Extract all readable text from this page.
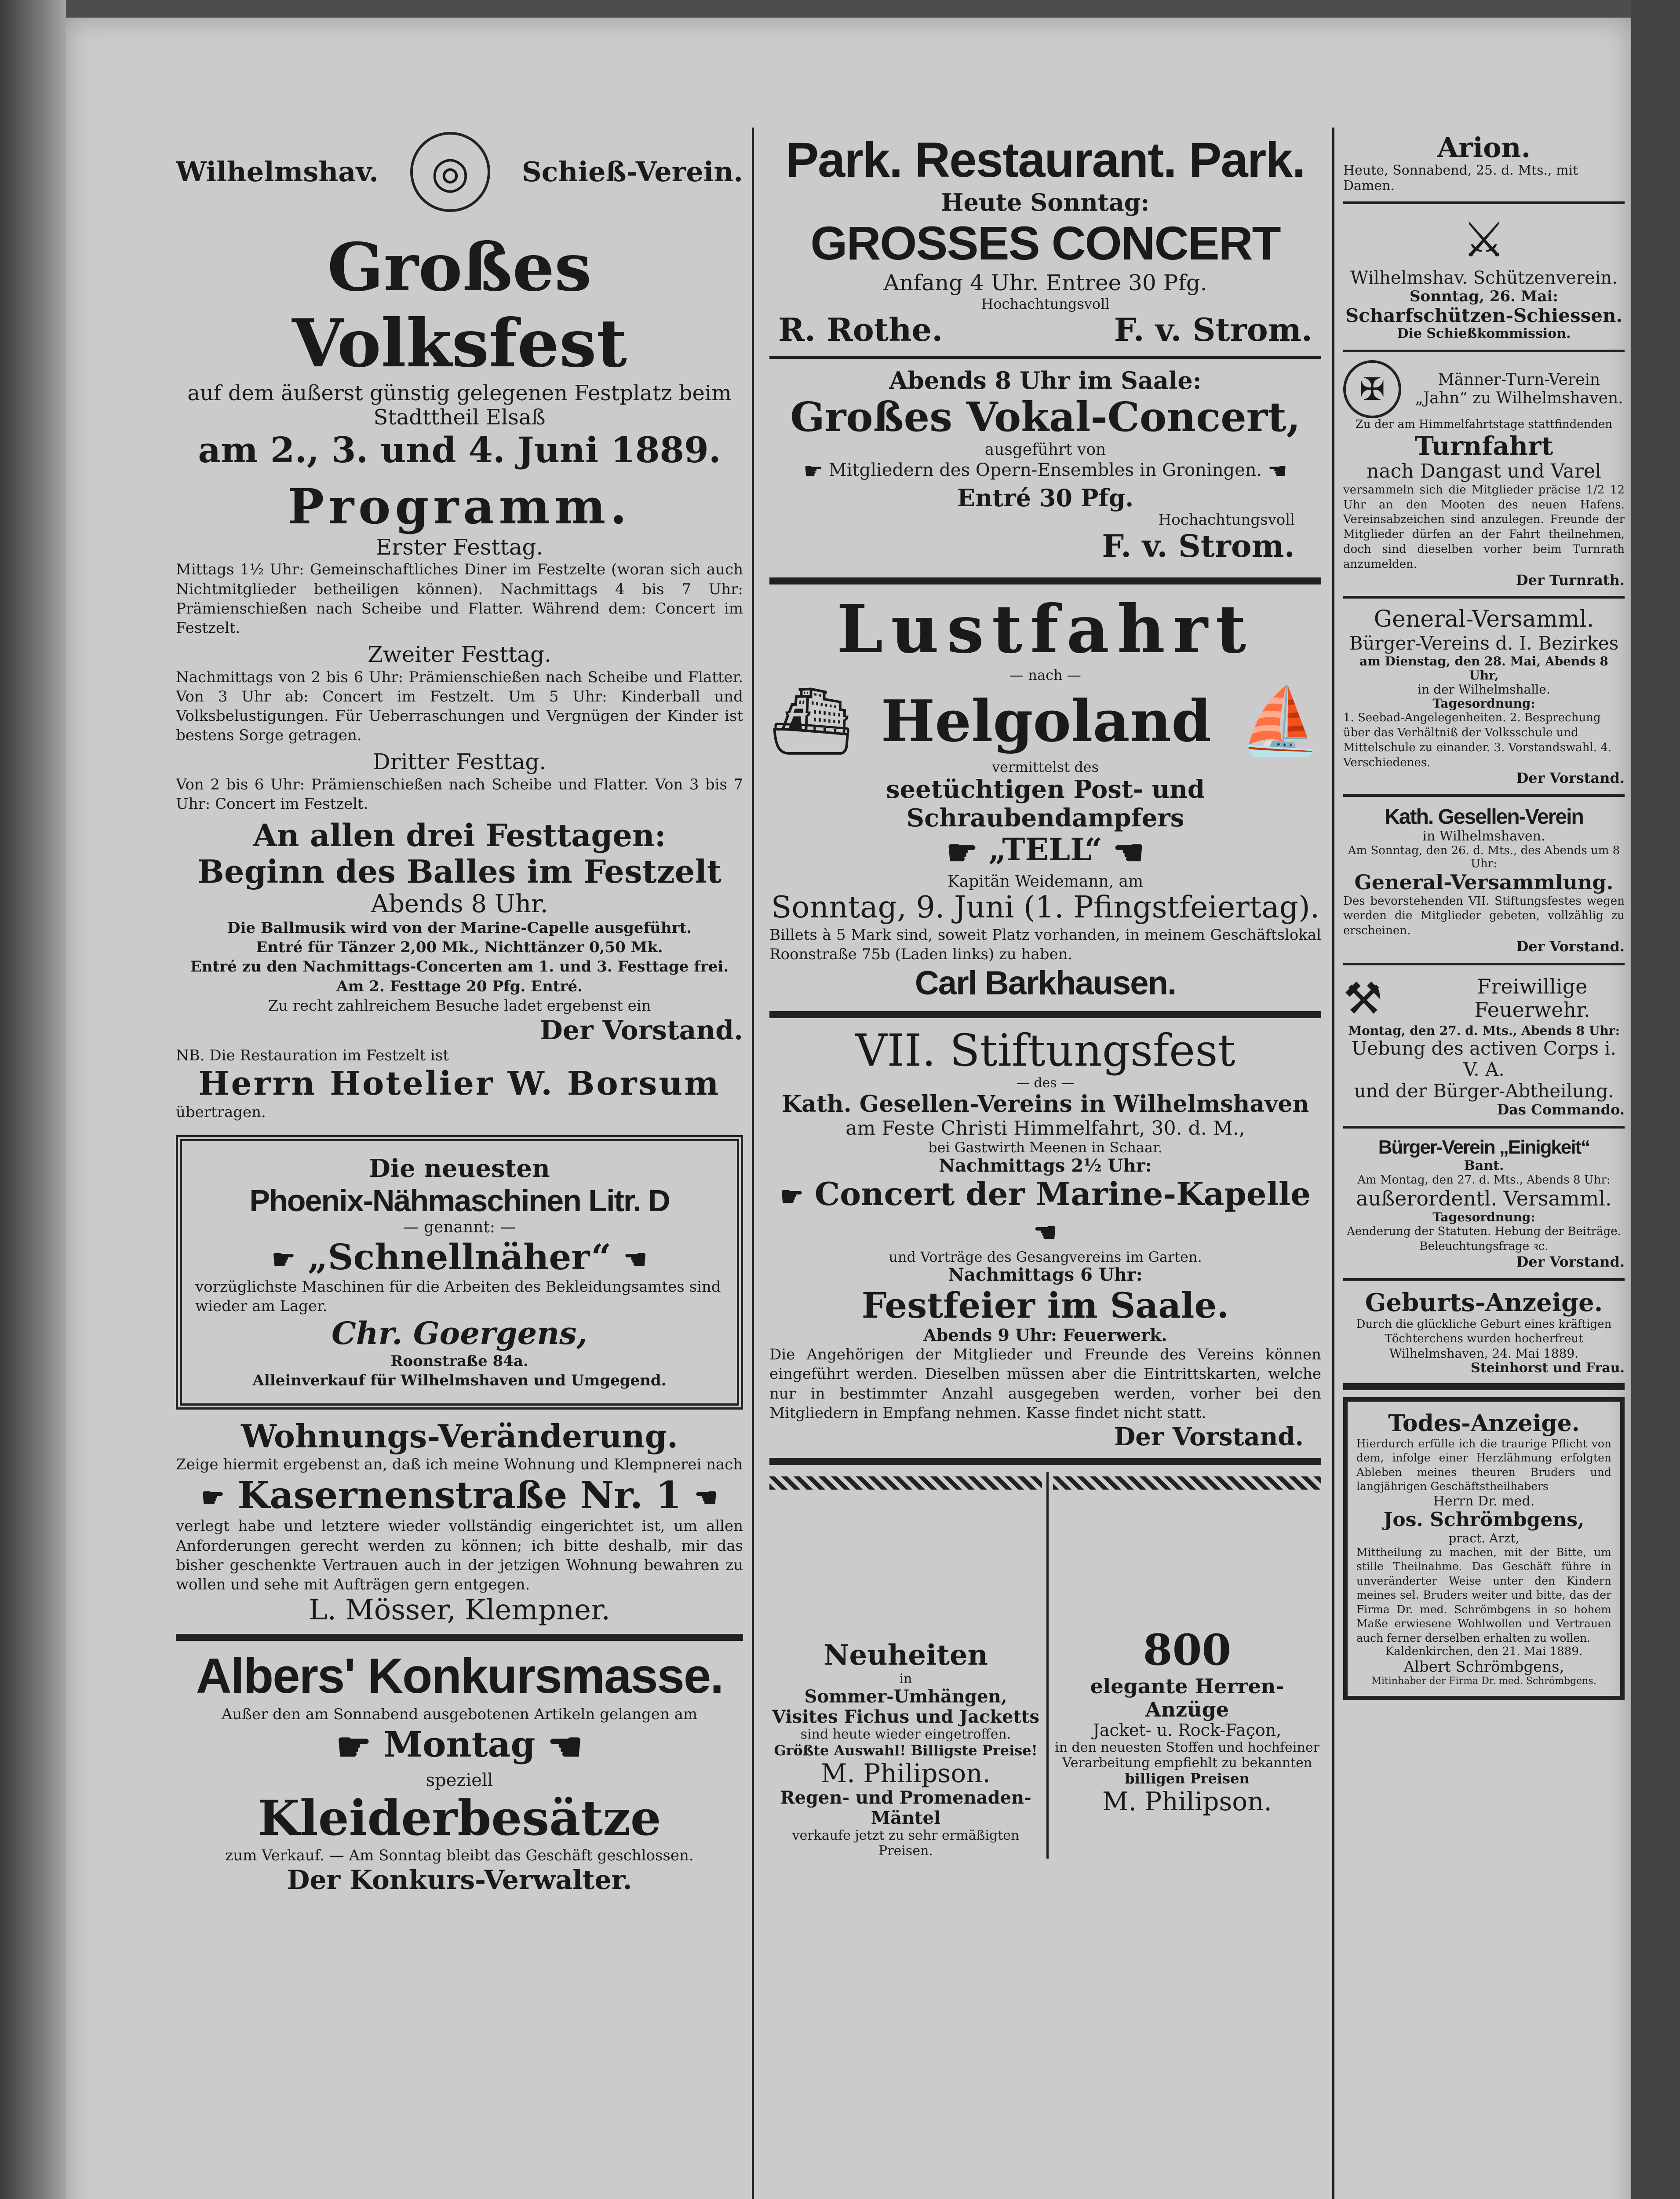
Wilhelmshav.	◎	Schieß-Verein.
Großes Volksfest
auf dem äußerst günstig gelegenen Festplatz beim
Stadttheil Elsaß
am 2., 3. und 4. Juni 1889.
Programm.
Erster Festtag.
Mittags 1½ Uhr: Gemeinschaftliches Diner im Festzelte (woran sich auch Nichtmitglieder betheiligen können). Nachmittags 4 bis 7 Uhr: Prämienschießen nach Scheibe und Flatter. Während dem: Concert im Festzelt.
Zweiter Festtag.
Nachmittags von 2 bis 6 Uhr: Prämienschießen nach Scheibe und Flatter. Von 3 Uhr ab: Concert im Festzelt. Um 5 Uhr: Kinderball und Volksbelustigungen. Für Ueberraschungen und Vergnügen der Kinder ist bestens Sorge getragen.
Dritter Festtag.
Von 2 bis 6 Uhr: Prämienschießen nach Scheibe und Flatter. Von 3 bis 7 Uhr: Concert im Festzelt.
An allen drei Festtagen:
Beginn des Balles im Festzelt
Abends 8 Uhr.
Die Ballmusik wird von der Marine-Capelle ausgeführt.
Entré für Tänzer 2,00 Mk., Nichttänzer 0,50 Mk.
Entré zu den Nachmittags-Concerten am 1. und 3. Festtage frei.
Am 2. Festtage 20 Pfg. Entré.
Zu recht zahlreichem Besuche ladet ergebenst ein
Der Vorstand.
NB. Die Restauration im Festzelt ist
Herrn Hotelier W. Borsum
übertragen.
Die neuesten
Phoenix-Nähmaschinen Litr. D
— genannt: —
☛ „Schnellnäher“ ☚
vorzüglichste Maschinen für die Arbeiten des Bekleidungsamtes sind wieder am Lager.
Chr. Goergens,
Roonstraße 84a.
Alleinverkauf für Wilhelmshaven und Umgegend.
Wohnungs-Veränderung.
Zeige hiermit ergebenst an, daß ich meine Wohnung und Klempnerei nach
☛ Kasernenstraße Nr. 1 ☚
verlegt habe und letztere wieder vollständig eingerichtet ist, um allen Anforderungen gerecht werden zu können; ich bitte deshalb, mir das bisher geschenkte Vertrauen auch in der jetzigen Wohnung bewahren zu wollen und sehe mit Aufträgen gern entgegen.
L. Mösser, Klempner.
Albers' Konkursmasse.
Außer den am Sonnabend ausgebotenen Artikeln gelangen am
☛ Montag ☚
speziell
Kleiderbesätze
zum Verkauf. — Am Sonntag bleibt das Geschäft geschlossen.
Der Konkurs-Verwalter.
Park. Restaurant. Park.
Heute Sonntag:
GROSSES CONCERT
Anfang 4 Uhr. Entree 30 Pfg.
Hochachtungsvoll
R. Rothe.	F. v. Strom.
Abends 8 Uhr im Saale:
Großes Vokal-Concert,
ausgeführt von
☛ Mitgliedern des Opern-Ensembles in Groningen. ☚
Entré 30 Pfg.
Hochachtungsvoll
F. v. Strom.
Lustfahrt
— nach —
⛴ Helgoland ⛵
vermittelst des
seetüchtigen Post- und Schraubendampfers
☛ „TELL“ ☚
Kapitän Weidemann, am
Sonntag, 9. Juni (1. Pfingstfeiertag).
Billets à 5 Mark sind, soweit Platz vorhanden, in meinem Geschäftslokal Roonstraße 75b (Laden links) zu haben.
Carl Barkhausen.
VII. Stiftungsfest
— des —
Kath. Gesellen-Vereins in Wilhelmshaven
am Feste Christi Himmelfahrt, 30. d. M.,
bei Gastwirth Meenen in Schaar.
Nachmittags 2½ Uhr:
☛ Concert der Marine-Kapelle ☚
und Vorträge des Gesangvereins im Garten.
Nachmittags 6 Uhr:
Festfeier im Saale.
Abends 9 Uhr: Feuerwerk.
Die Angehörigen der Mitglieder und Freunde des Vereins können eingeführt werden. Dieselben müssen aber die Eintrittskarten, welche nur in bestimmter Anzahl ausgegeben werden, vorher bei den Mitgliedern in Empfang nehmen. Kasse findet nicht statt.
Der Vorstand.
Neuheiten
in
Sommer-Umhängen, Visites Fichus und Jacketts
sind heute wieder eingetroffen.
Größte Auswahl! Billigste Preise!
M. Philipson.
Regen- und Promenaden-Mäntel
verkaufe jetzt zu sehr ermäßigten Preisen.
800
elegante Herren-Anzüge
Jacket- u. Rock-Façon,
in den neuesten Stoffen und hochfeiner Verarbeitung empfiehlt zu bekannten
billigen Preisen
M. Philipson.
Arion.
Heute, Sonnabend, 25. d. Mts., mit Damen.
⚔
Wilhelmshav. Schützenverein.
Sonntag, 26. Mai:
Scharfschützen-Schiessen.
Die Schießkommission.
✠	Männer-Turn-Verein „Jahn“ zu Wilhelmshaven.
Zu der am Himmelfahrtstage stattfindenden
Turnfahrt
nach Dangast und Varel
versammeln sich die Mitglieder präcise 1/2 12 Uhr an den Mooten des neuen Hafens. Vereinsabzeichen sind anzulegen. Freunde der Mitglieder dürfen an der Fahrt theilnehmen, doch sind dieselben vorher beim Turnrath anzumelden.
Der Turnrath.
General-Versamml.
Bürger-Vereins d. I. Bezirkes
am Dienstag, den 28. Mai, Abends 8 Uhr,
in der Wilhelmshalle.
Tagesordnung:
1. Seebad-Angelegenheiten. 2. Besprechung über das Verhältniß der Volksschule und Mittelschule zu einander. 3. Vorstandswahl. 4. Verschiedenes.
Der Vorstand.
Kath. Gesellen-Verein
in Wilhelmshaven.
Am Sonntag, den 26. d. Mts., des Abends um 8 Uhr:
General-Versammlung.
Des bevorstehenden VII. Stiftungsfestes wegen werden die Mitglieder gebeten, vollzählig zu erscheinen.
Der Vorstand.
⚒	Freiwillige Feuerwehr.
Montag, den 27. d. Mts., Abends 8 Uhr:
Uebung des activen Corps i. V. A.
und der Bürger-Abtheilung.
Das Commando.
Bürger-Verein „Einigkeit“
Bant.
Am Montag, den 27. d. Mts., Abends 8 Uhr:
außerordentl. Versamml.
Tagesordnung:
Aenderung der Statuten. Hebung der Beiträge. Beleuchtungsfrage ꝛc.
Der Vorstand.
Geburts-Anzeige.
Durch die glückliche Geburt eines kräftigen Töchterchens wurden hocherfreut
Wilhelmshaven, 24. Mai 1889.
Steinhorst und Frau.
Todes-Anzeige.
Hierdurch erfülle ich die traurige Pflicht von dem, infolge einer Herzlähmung erfolgten Ableben meines theuren Bruders und langjährigen Geschäftstheilhabers
Herrn Dr. med.
Jos. Schrömbgens,
pract. Arzt,
Mittheilung zu machen, mit der Bitte, um stille Theilnahme. Das Geschäft führe in unveränderter Weise unter den Kindern meines sel. Bruders weiter und bitte, das der Firma Dr. med. Schrömbgens in so hohem Maße erwiesene Wohlwollen und Vertrauen auch ferner derselben erhalten zu wollen.
Kaldenkirchen, den 21. Mai 1889.
Albert Schrömbgens,
Mitinhaber der Firma Dr. med. Schrömbgens.
